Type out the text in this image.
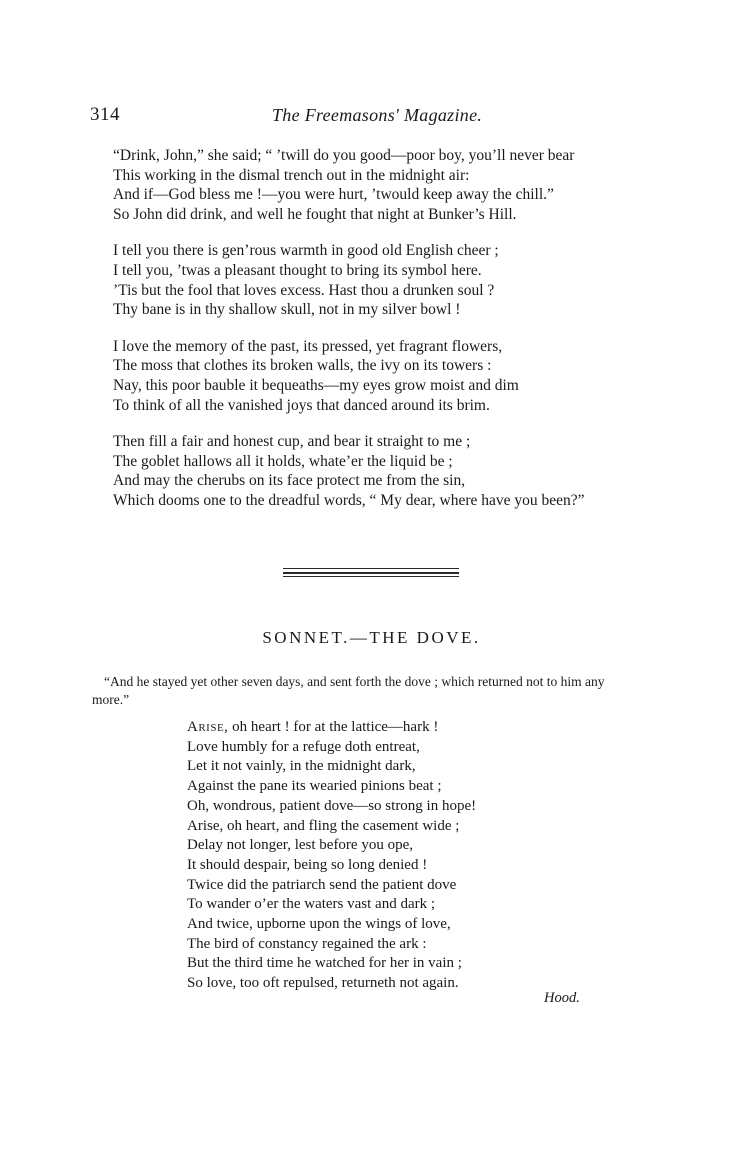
314	The Freemasons' Magazine.
“Drink, John,” she said; “ ’twill do you good—poor boy, you’ll never bear
This working in the dismal trench out in the midnight air:
And if—God bless me !—you were hurt, ’twould keep away the chill.”
So John did drink, and well he fought that night at Bunker’s Hill.
I tell you there is gen’rous warmth in good old English cheer ;
I tell you, ’twas a pleasant thought to bring its symbol here.
’Tis but the fool that loves excess. Hast thou a drunken soul ?
Thy bane is in thy shallow skull, not in my silver bowl !
I love the memory of the past, its pressed, yet fragrant flowers,
The moss that clothes its broken walls, the ivy on its towers :
Nay, this poor bauble it bequeaths—my eyes grow moist and dim
To think of all the vanished joys that danced around its brim.
Then fill a fair and honest cup, and bear it straight to me ;
The goblet hallows all it holds, whate’er the liquid be ;
And may the cherubs on its face protect me from the sin,
Which dooms one to the dreadful words, “ My dear, where have you been?”
SONNET.—THE DOVE.
“And he stayed yet other seven days, and sent forth the dove ; which returned not to him any more.”
Arise, oh heart ! for at the lattice—hark !
Love humbly for a refuge doth entreat,
Let it not vainly, in the midnight dark,
Against the pane its wearied pinions beat ;
Oh, wondrous, patient dove—so strong in hope!
Arise, oh heart, and fling the casement wide ;
Delay not longer, lest before you ope,
It should despair, being so long denied !
Twice did the patriarch send the patient dove
To wander o’er the waters vast and dark ;
And twice, upborne upon the wings of love,
The bird of constancy regained the ark :
But the third time he watched for her in vain ;
So love, too oft repulsed, returneth not again.
Hood.
